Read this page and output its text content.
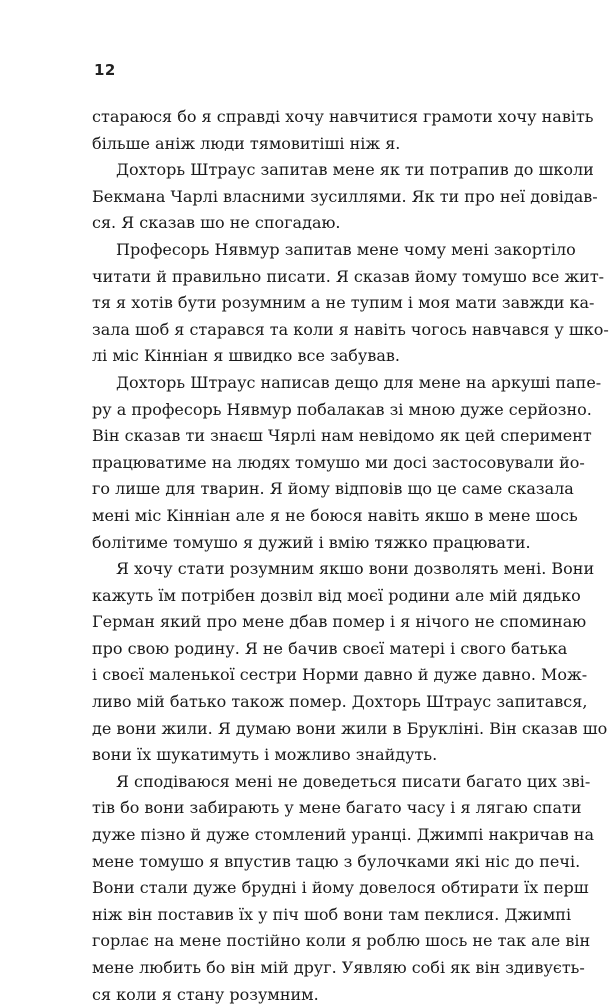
12
стараюся бо я справді хочу навчитися грамоти хочу навіть
більше аніж люди тямовитіші ніж я.
Дохторь Штраус запитав мене як ти потрапив до школи
Бекмана Чарлі власними зусиллями. Як ти про неї довідав-
ся. Я сказав шо не спогадаю.
Професорь Нявмур запитав мене чому мені закортіло
читати й правильно писати. Я сказав йому томушо все жит-
тя я хотів бути розумним а не тупим і моя мати завжди ка-
зала шоб я старався та коли я навіть чогось навчався у шко-
лі міс Кінніан я швидко все забував.
Дохторь Штраус написав дещо для мене на аркуші папе-
ру а професорь Нявмур побалакав зі мною дуже серйозно.
Він сказав ти знаєш Чярлі нам невідомо як цей сперимент
працюватиме на людях томушо ми досі застосовували йо-
го лише для тварин. Я йому відповів що це саме сказала
мені міс Кінніан але я не боюся навіть якшо в мене шось
болітиме томушо я дужий і вмію тяжко працювати.
Я хочу стати розумним якшо вони дозволять мені. Вони
кажуть їм потрібен дозвіл від моєї родини але мій дядько
Герман який про мене дбав помер і я нічого не споминаю
про свою родину. Я не бачив своєї матері і свого батька
і своєї маленької сестри Норми давно й дуже давно. Мож-
ливо мій батько також помер. Дохторь Штраус запитався,
де вони жили. Я думаю вони жили в Брукліні. Він сказав шо
вони їх шукатимуть і можливо знайдуть.
Я сподіваюся мені не доведеться писати багато цих зві-
тів бо вони забирають у мене багато часу і я лягаю спати
дуже пізно й дуже стомлений уранці. Джимпі накричав на
мене томушо я впустив тацю з булочками які ніс до печі.
Вони стали дуже брудні і йому довелося обтирати їх перш
ніж він поставив їх у піч шоб вони там пеклися. Джимпі
горлає на мене постійно коли я роблю шось не так але він
мене любить бо він мій друг. Уявляю собі як він здивуєть-
ся коли я стану розумним.
